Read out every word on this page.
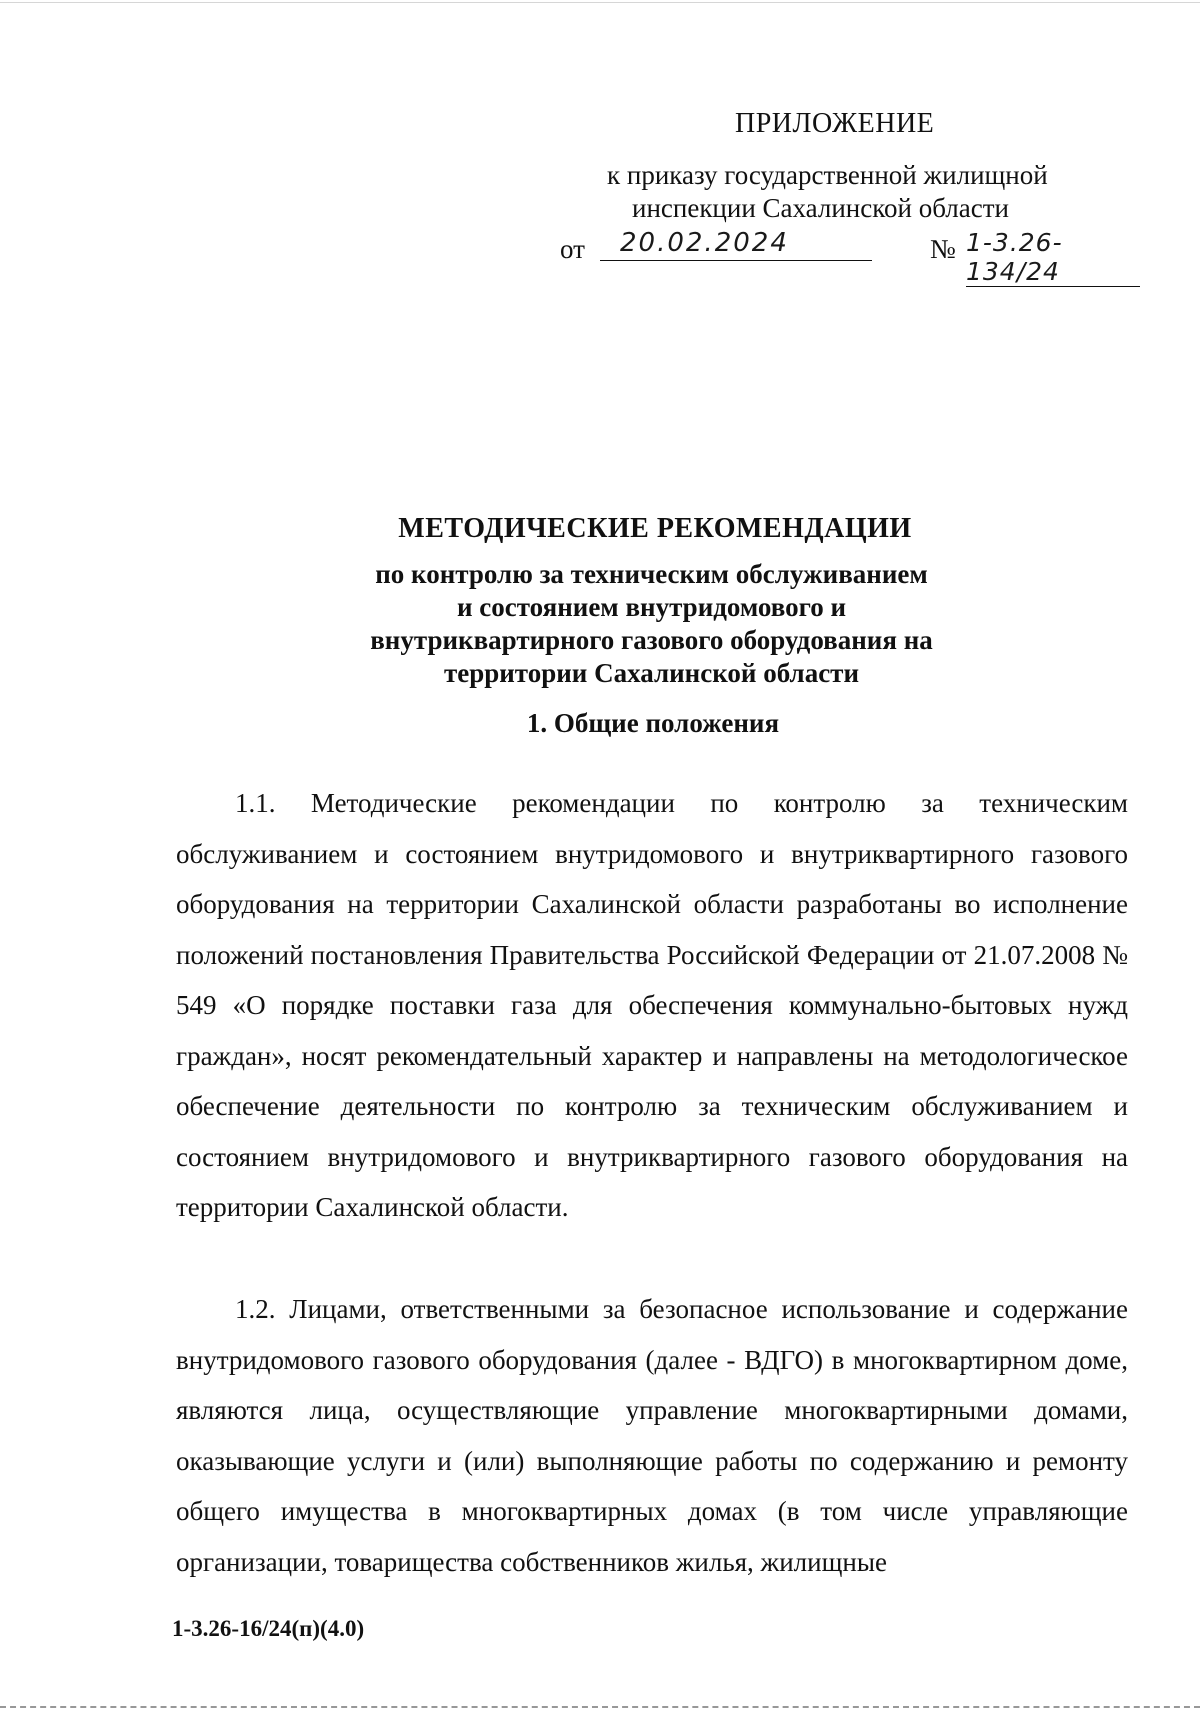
ПРИЛОЖЕНИЕ
к приказу государственной жилищной
инспекции Сахалинской области
от 20.02.2024	№ 1-3.26-134/24
МЕТОДИЧЕСКИЕ РЕКОМЕНДАЦИИ
по контролю за техническим обслуживанием
и состоянием внутридомового и
внутриквартирного газового оборудования на
территории Сахалинской области
1. Общие положения

1.1. Методические рекомендации по контролю за техническим обслуживанием и состоянием внутридомового и внутриквартирного газового оборудования на территории Сахалинской области разработаны во исполнение положений постановления Правительства Российской Федерации от 21.07.2008 № 549 «О порядке поставки газа для обеспечения коммунально-бытовых нужд граждан», носят рекомендательный характер и направлены на методологическое обеспечение деятельности по контролю за техническим обслуживанием и состоянием внутридомового и внутриквартирного газового оборудования на территории Сахалинской области.

1.2. Лицами, ответственными за безопасное использование и содержание внутридомового газового оборудования (далее - ВДГО) в многоквартирном доме, являются лица, осуществляющие управление многоквартирными домами, оказывающие услуги и (или) выполняющие работы по содержанию и ремонту общего имущества в многоквартирных домах (в том числе управляющие организации, товарищества собственников жилья, жилищные

1-3.26-16/24(п)(4.0)
